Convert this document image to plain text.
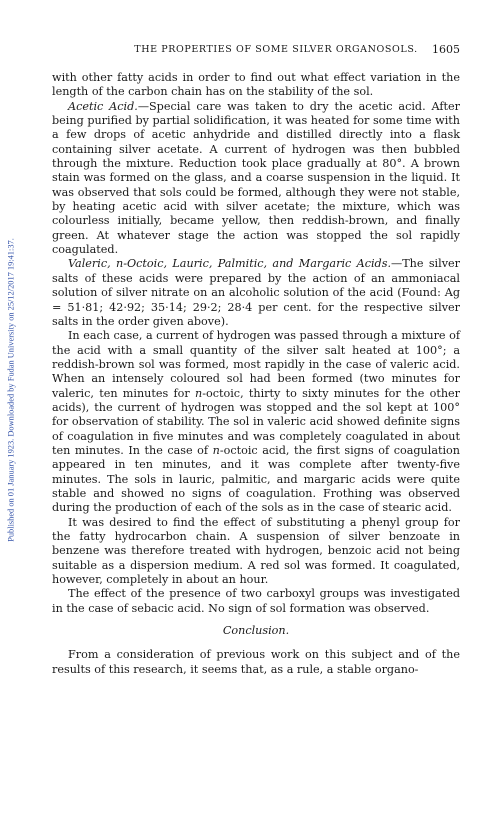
THE PROPERTIES OF SOME SILVER ORGANOSOLS. 1605
Published on 01 January 1923. Downloaded by Fudan University on 25/12/2017 19:41:37.

with other fatty acids in order to find out what effect variation in the length of the carbon chain has on the stability of the sol.

Acetic Acid.—Special care was taken to dry the acetic acid. After being purified by partial solidification, it was heated for some time with a few drops of acetic anhydride and distilled directly into a flask containing silver acetate. A current of hydrogen was then bubbled through the mixture. Reduction took place gradually at 80°. A brown stain was formed on the glass, and a coarse suspension in the liquid. It was observed that sols could be formed, although they were not stable, by heating acetic acid with silver acetate; the mixture, which was colourless initially, became yellow, then reddish-brown, and finally green. At whatever stage the action was stopped the sol rapidly coagulated.

Valeric, n-Octoic, Lauric, Palmitic, and Margaric Acids.—The silver salts of these acids were prepared by the action of an ammoniacal solution of silver nitrate on an alcoholic solution of the acid (Found: Ag = 51·81; 42·92; 35·14; 29·2; 28·4 per cent. for the respective silver salts in the order given above).

In each case, a current of hydrogen was passed through a mixture of the acid with a small quantity of the silver salt heated at 100°; a reddish-brown sol was formed, most rapidly in the case of valeric acid. When an intensely coloured sol had been formed (two minutes for valeric, ten minutes for n-octoic, thirty to sixty minutes for the other acids), the current of hydrogen was stopped and the sol kept at 100° for observation of stability. The sol in valeric acid showed definite signs of coagulation in five minutes and was completely coagulated in about ten minutes. In the case of n-octoic acid, the first signs of coagulation appeared in ten minutes, and it was complete after twenty-five minutes. The sols in lauric, palmitic, and margaric acids were quite stable and showed no signs of coagulation. Frothing was observed during the production of each of the sols as in the case of stearic acid.

It was desired to find the effect of substituting a phenyl group for the fatty hydrocarbon chain. A suspension of silver benzoate in benzene was therefore treated with hydrogen, benzoic acid not being suitable as a dispersion medium. A red sol was formed. It coagulated, however, completely in about an hour.

The effect of the presence of two carboxyl groups was investigated in the case of sebacic acid. No sign of sol formation was observed.

Conclusion.

From a consideration of previous work on this subject and of the results of this research, it seems that, as a rule, a stable organo-
